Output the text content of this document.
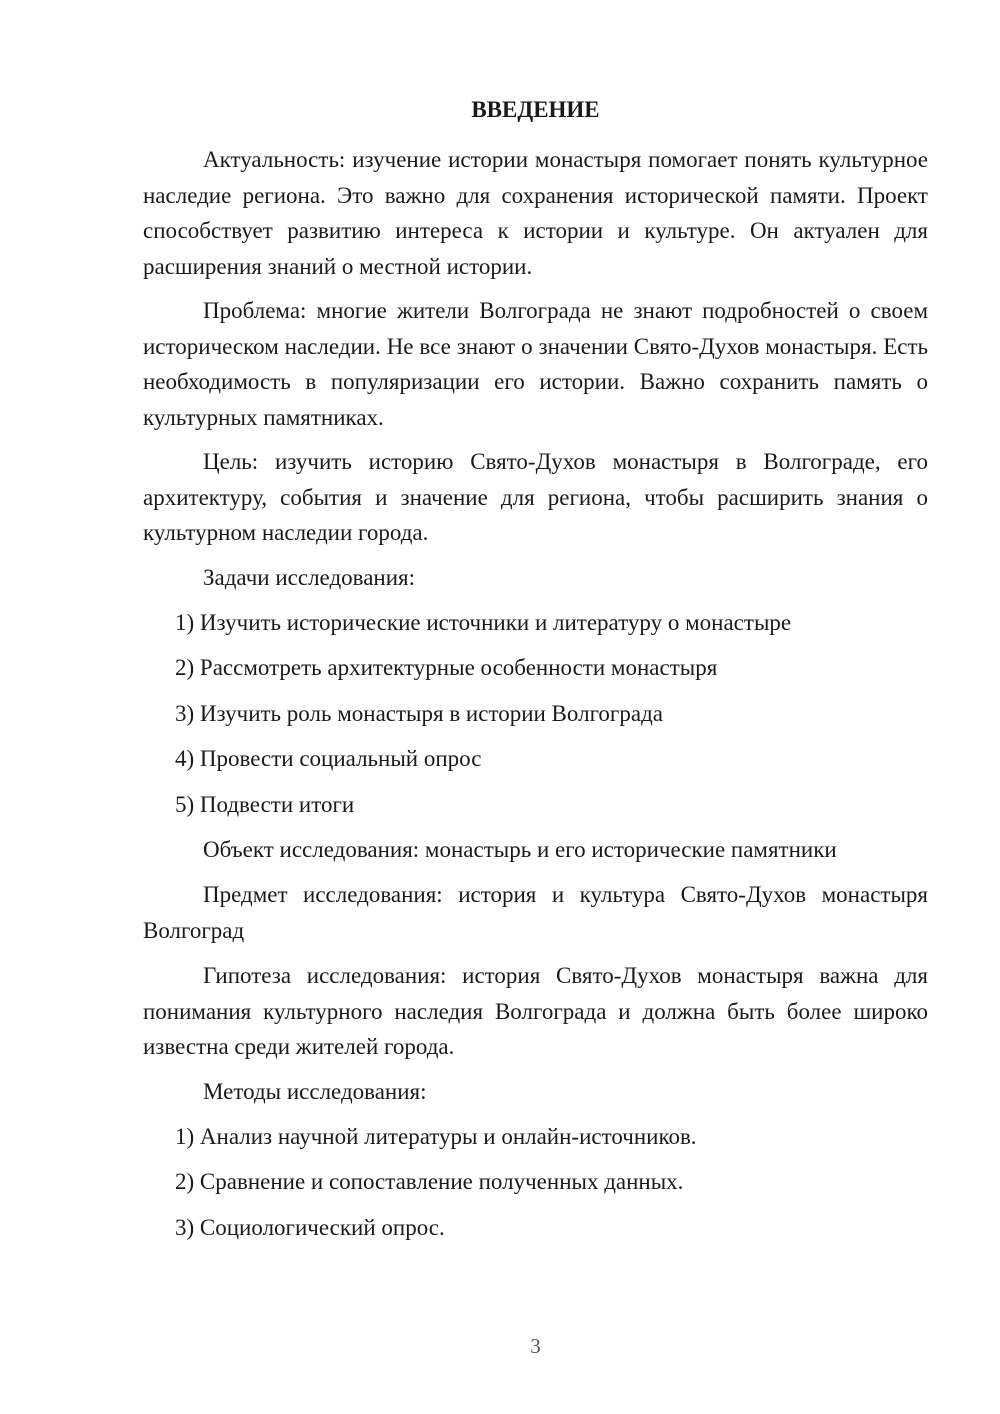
ВВЕДЕНИЕ

Актуальность: изучение истории монастыря помогает понять культурное наследие региона. Это важно для сохранения исторической памяти. Проект способствует развитию интереса к истории и культуре. Он актуален для расширения знаний о местной истории.

Проблема: многие жители Волгограда не знают подробностей о своем историческом наследии. Не все знают о значении Свято-Духов монастыря. Есть необходимость в популяризации его истории. Важно сохранить память о культурных памятниках.

Цель: изучить историю Свято-Духов монастыря в Волгограде, его архитектуру, события и значение для региона, чтобы расширить знания о культурном наследии города.

Задачи исследования:

1) Изучить исторические источники и литературу о монастыре

2) Рассмотреть архитектурные особенности монастыря

3) Изучить роль монастыря в истории Волгограда

4) Провести социальный опрос

5) Подвести итоги

Объект исследования: монастырь и его исторические памятники

Предмет исследования: история и культура Свято-Духов монастыря Волгоград

Гипотеза исследования: история Свято-Духов монастыря важна для понимания культурного наследия Волгограда и должна быть более широко известна среди жителей города.

Методы исследования:

1) Анализ научной литературы и онлайн-источников.

2) Сравнение и сопоставление полученных данных.

3) Социологический опрос.

3
